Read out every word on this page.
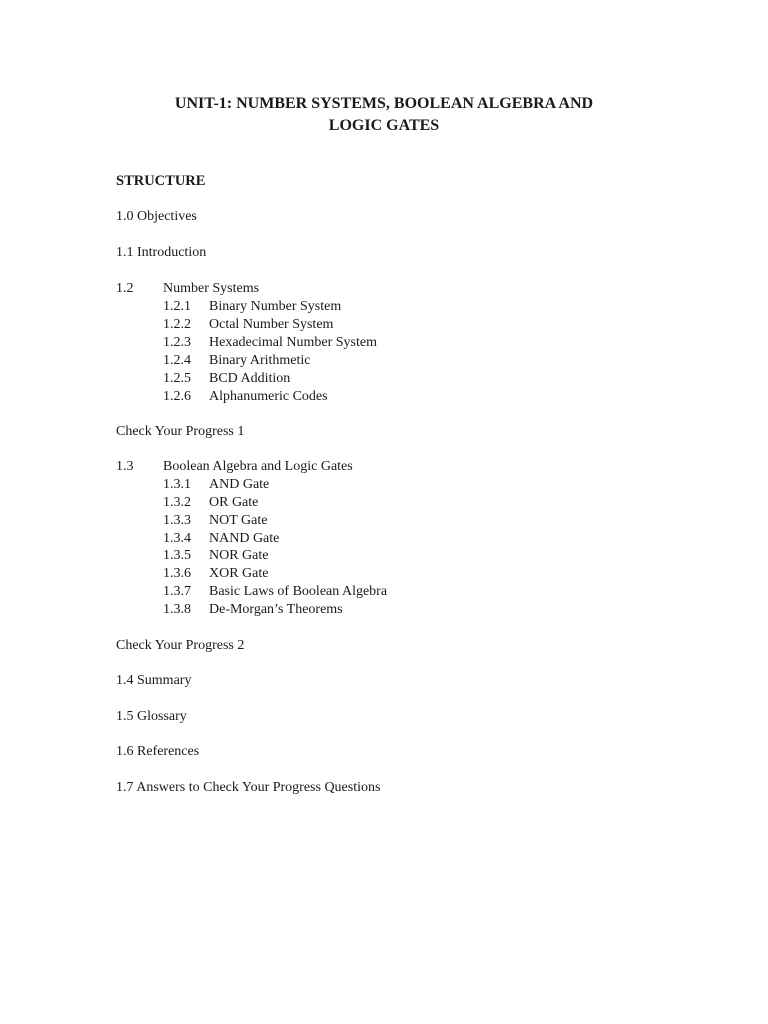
UNIT-1: NUMBER SYSTEMS, BOOLEAN ALGEBRA AND
LOGIC GATES
STRUCTURE
1.0 Objectives
1.1 Introduction
1.2 Number Systems
1.2.1 Binary Number System
1.2.2 Octal Number System
1.2.3 Hexadecimal Number System
1.2.4 Binary Arithmetic
1.2.5 BCD Addition
1.2.6 Alphanumeric Codes
Check Your Progress 1
1.3 Boolean Algebra and Logic Gates
1.3.1 AND Gate
1.3.2 OR Gate
1.3.3 NOT Gate
1.3.4 NAND Gate
1.3.5 NOR Gate
1.3.6 XOR Gate
1.3.7 Basic Laws of Boolean Algebra
1.3.8 De-Morgan’s Theorems
Check Your Progress 2
1.4 Summary
1.5 Glossary
1.6 References
1.7 Answers to Check Your Progress Questions
